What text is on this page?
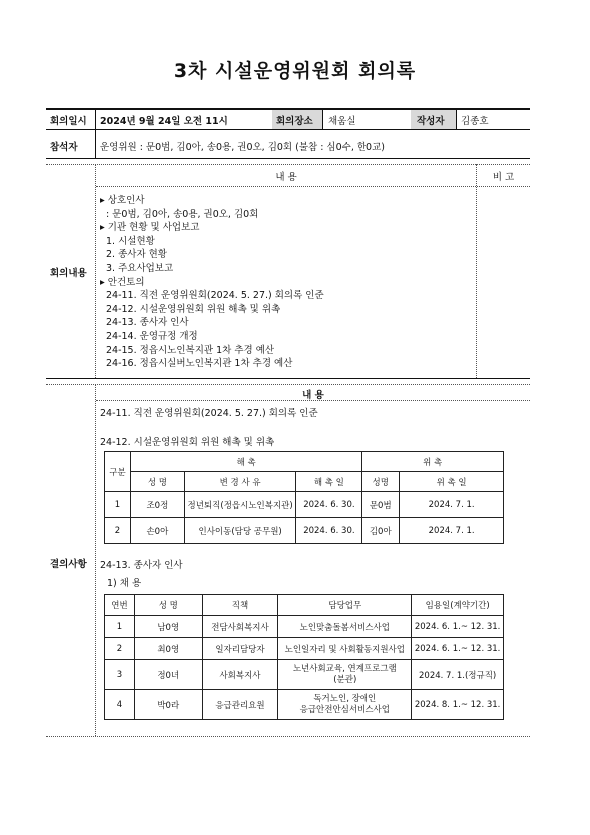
3차 시설운영위원회 회의록
회의일시 2024년 9월 24일 오전 11시	회의장소 채움실	작성자 김종호
참석자 운영위원 : 문0범, 김0아, 송0용, 권0오, 김0회 (불참 : 심0수, 한0교)
내 용	비 고
회의내용
▸ 상호인사
: 문0범, 김0아, 송0용, 권0오, 김0회
▸ 기관 현황 및 사업보고
1. 시설현황
2. 종사자 현황
3. 주요사업보고
▸ 안건토의
24-11. 직전 운영위원회(2024. 5. 27.) 회의록 인준
24-12. 시설운영위원회 위원 해촉 및 위촉
24-13. 종사자 인사
24-14. 운영규정 개정
24-15. 정읍시노인복지관 1차 추경 예산
24-16. 정읍시실버노인복지관 1차 추경 예산
내 용
결의사항
24-11. 직전 운영위원회(2024. 5. 27.) 회의록 인준
24-12. 시설운영위원회 위원 해촉 및 위촉
구분	해 촉			위 촉	
	성 명	변 경 사 유	해 촉 일	성명	위 촉 일
1	조0정	정년퇴직(정읍시노인복지관)	2024. 6. 30.	문0범	2024. 7. 1.
2	손0아	인사이동(담당 공무원)	2024. 6. 30.	김0아	2024. 7. 1.
24-13. 종사자 인사
1) 채 용
연번	성 명	직책	담당업무	임용일(계약기간)
1	남0영	전담사회복지사	노인맞춤돌봄서비스사업	2024. 6. 1.~ 12. 31.
2	최0영	일자리담당자	노인일자리 및 사회활동지원사업	2024. 6. 1.~ 12. 31.
3	정0녀	사회복지사	노년사회교육, 연계프로그램
(분관)	2024. 7. 1.(정규직)
4	박0라	응급관리요원	독거노인, 장애인
응급안전안심서비스사업	2024. 8. 1.~ 12. 31.
